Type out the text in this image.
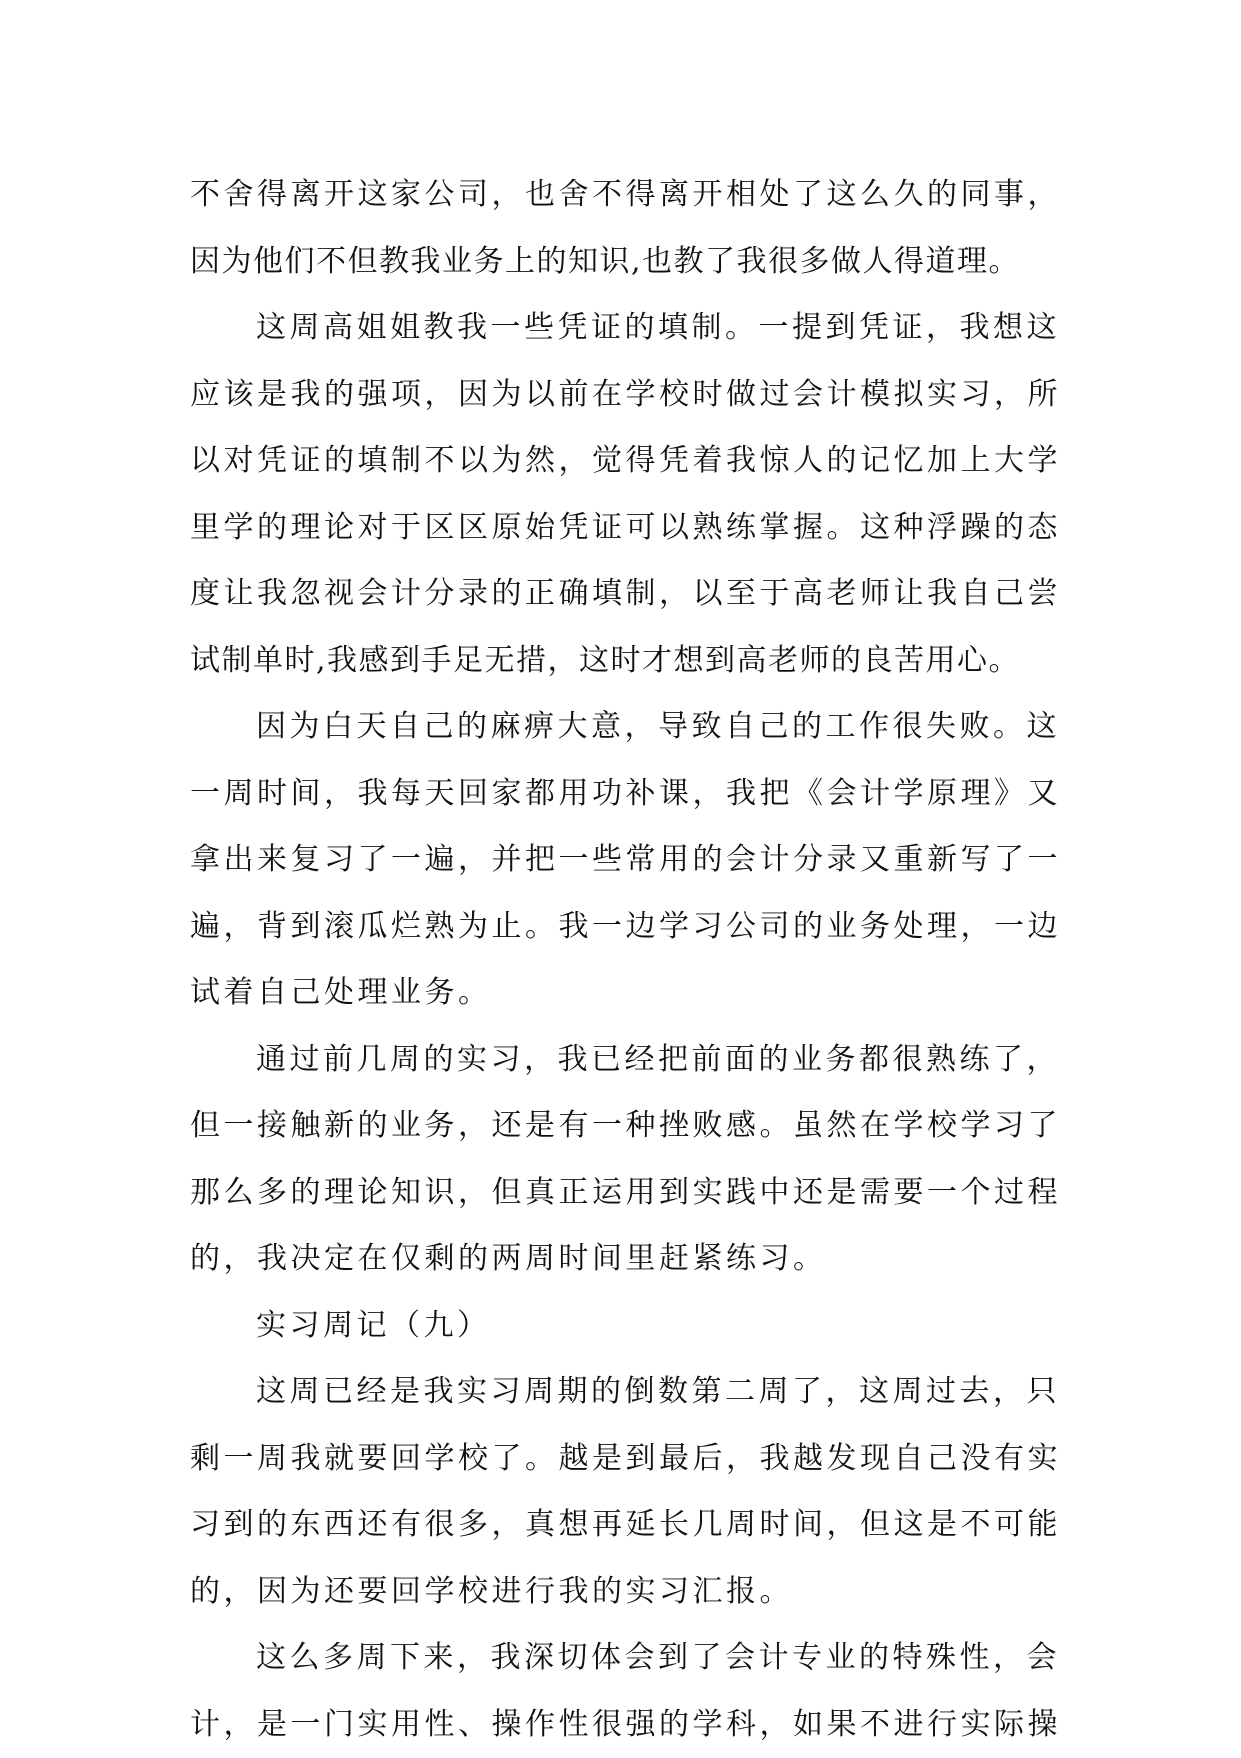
不舍得离开这家公司，也舍不得离开相处了这么久的同事，
因为他们不但教我业务上的知识,也教了我很多做人得道理。
这周高姐姐教我一些凭证的填制。一提到凭证，我想这
应该是我的强项，因为以前在学校时做过会计模拟实习，所
以对凭证的填制不以为然，觉得凭着我惊人的记忆加上大学
里学的理论对于区区原始凭证可以熟练掌握。这种浮躁的态
度让我忽视会计分录的正确填制，以至于高老师让我自己尝
试制单时,我感到手足无措，这时才想到高老师的良苦用心。
因为白天自己的麻痹大意，导致自己的工作很失败。这
一周时间，我每天回家都用功补课，我把《会计学原理》又
拿出来复习了一遍，并把一些常用的会计分录又重新写了一
遍，背到滚瓜烂熟为止。我一边学习公司的业务处理，一边
试着自己处理业务。
通过前几周的实习，我已经把前面的业务都很熟练了，
但一接触新的业务，还是有一种挫败感。虽然在学校学习了
那么多的理论知识，但真正运用到实践中还是需要一个过程
的，我决定在仅剩的两周时间里赶紧练习。
实习周记（九）
这周已经是我实习周期的倒数第二周了，这周过去，只
剩一周我就要回学校了。越是到最后，我越发现自己没有实
习到的东西还有很多，真想再延长几周时间，但这是不可能
的，因为还要回学校进行我的实习汇报。
这么多周下来，我深切体会到了会计专业的特殊性，会
计，是一门实用性、操作性很强的学科，如果不进行实际操
